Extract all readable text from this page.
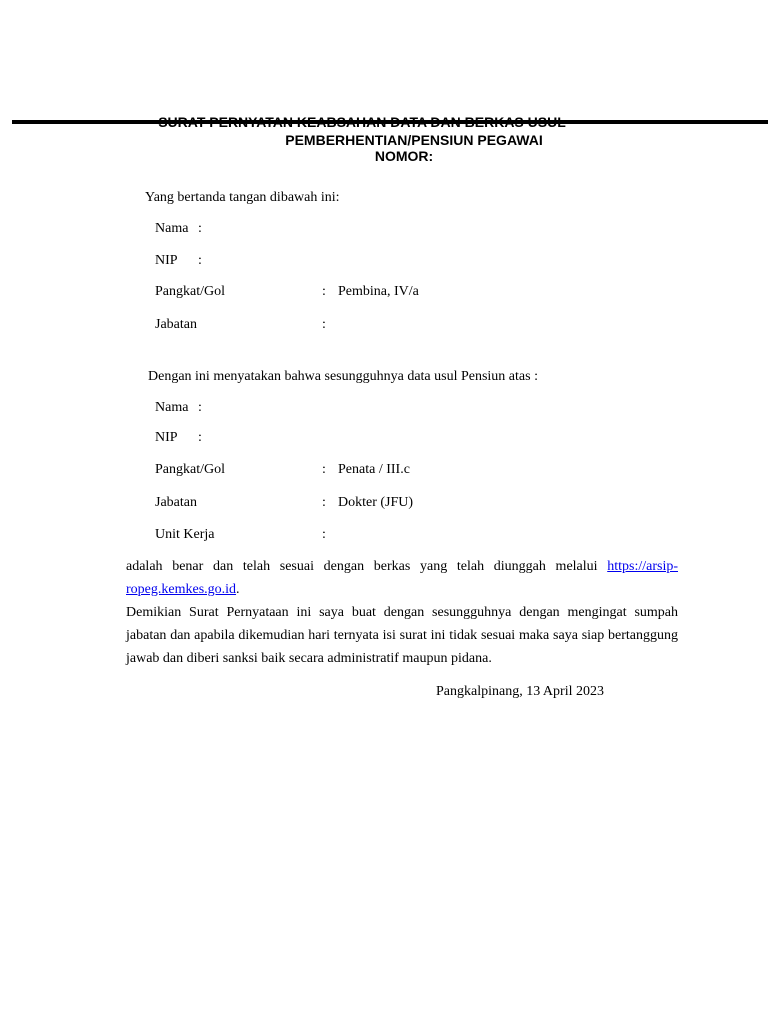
SURAT PERNYATAN KEABSAHAN DATA DAN BERKAS USUL
PEMBERHENTIAN/PENSIUN PEGAWAI
NOMOR:
Yang bertanda tangan dibawah ini:
Nama :
NIP :
Pangkat/Gol	: Pembina, IV/a
Jabatan	:
Dengan ini menyatakan bahwa sesungguhnya data usul Pensiun atas :
Nama :
NIP :
Pangkat/Gol	: Penata / III.c
Jabatan	: Dokter (JFU)
Unit Kerja	:
adalah benar dan telah sesuai dengan berkas yang telah diunggah melalui https://arsip-ropeg.kemkes.go.id.
Demikian Surat Pernyataan ini saya buat dengan sesungguhnya dengan mengingat sumpah jabatan dan apabila dikemudian hari ternyata isi surat ini tidak sesuai maka saya siap bertanggung jawab dan diberi sanksi baik secara administratif maupun pidana.
Pangkalpinang, 13 April 2023
